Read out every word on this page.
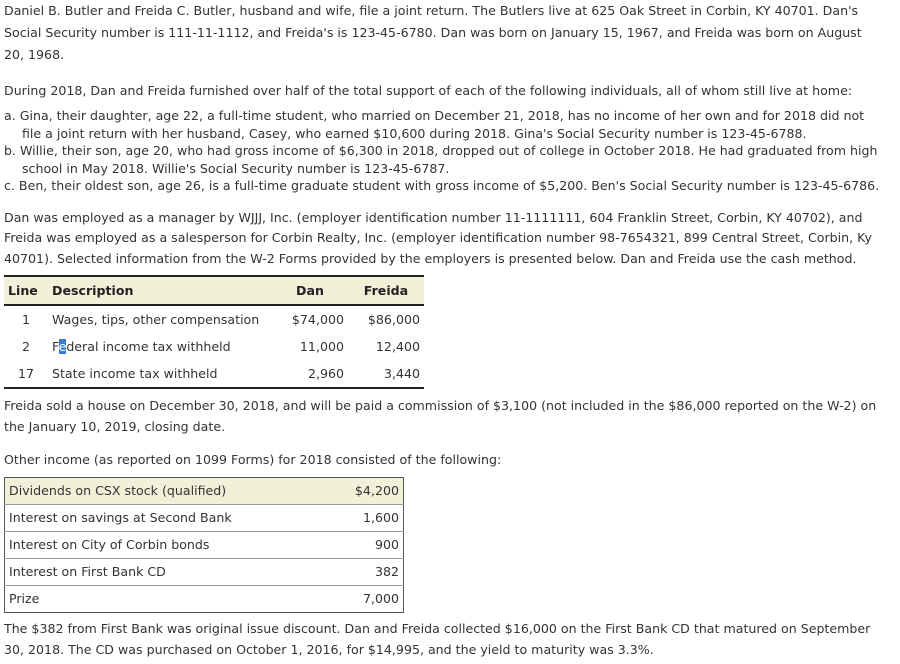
Daniel B. Butler and Freida C. Butler, husband and wife, file a joint return. The Butlers live at 625 Oak Street in Corbin, KY 40701. Dan's Social Security number is 111-11-1112, and Freida's is 123-45-6780. Dan was born on January 15, 1967, and Freida was born on August 20, 1968.

During 2018, Dan and Freida furnished over half of the total support of each of the following individuals, all of whom still live at home:

a. Gina, their daughter, age 22, a full-time student, who married on December 21, 2018, has no income of her own and for 2018 did not file a joint return with her husband, Casey, who earned $10,600 during 2018. Gina's Social Security number is 123-45-6788.
b. Willie, their son, age 20, who had gross income of $6,300 in 2018, dropped out of college in October 2018. He had graduated from high school in May 2018. Willie's Social Security number is 123-45-6787.
c. Ben, their oldest son, age 26, is a full-time graduate student with gross income of $5,200. Ben's Social Security number is 123-45-6786.

Dan was employed as a manager by WJJJ, Inc. (employer identification number 11-1111111, 604 Franklin Street, Corbin, KY 40702), and Freida was employed as a salesperson for Corbin Realty, Inc. (employer identification number 98-7654321, 899 Central Street, Corbin, Ky 40701). Selected information from the W-2 Forms provided by the employers is presented below. Dan and Freida use the cash method.

Line	Description	Dan	Freida
1	Wages, tips, other compensation	$74,000	$86,000
2	Federal income tax withheld	11,000	12,400
17	State income tax withheld	2,960	3,440

Freida sold a house on December 30, 2018, and will be paid a commission of $3,100 (not included in the $86,000 reported on the W-2) on the January 10, 2019, closing date.

Other income (as reported on 1099 Forms) for 2018 consisted of the following:

Dividends on CSX stock (qualified)	$4,200
Interest on savings at Second Bank	1,600
Interest on City of Corbin bonds	900
Interest on First Bank CD	382
Prize	7,000

The $382 from First Bank was original issue discount. Dan and Freida collected $16,000 on the First Bank CD that matured on September 30, 2018. The CD was purchased on October 1, 2016, for $14,995, and the yield to maturity was 3.3%.
